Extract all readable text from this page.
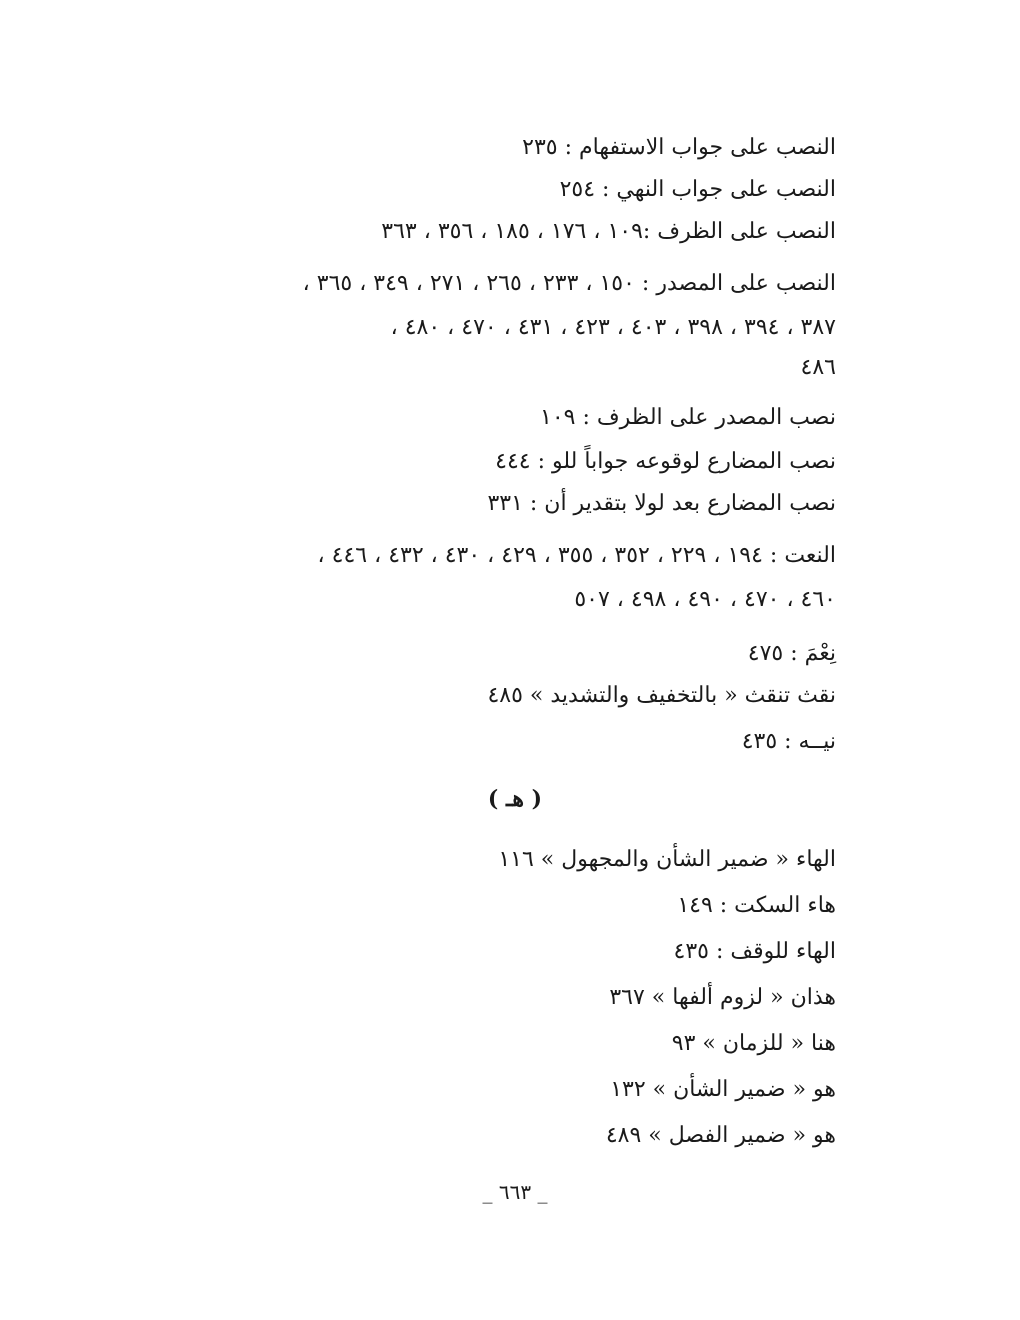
النصب على جواب الاستفهام : ٢٣٥
النصب على جواب النهي : ٢٥٤
النصب على الظرف :١٠٩ ، ١٧٦ ، ١٨٥ ، ٣٥٦ ، ٣٦٣
النصب على المصدر : ١٥٠ ، ٢٣٣ ، ٢٦٥ ، ٢٧١ ، ٣٤٩ ، ٣٦٥ ،
٣٨٧ ، ٣٩٤ ، ٣٩٨ ، ٤٠٣ ، ٤٢٣ ، ٤٣١ ، ٤٧٠ ، ٤٨٠ ،
٤٨٦
نصب المصدر على الظرف : ١٠٩
نصب المضارع لوقوعه جواباً للو : ٤٤٤
نصب المضارع بعد لولا بتقدير أن : ٣٣١
النعت : ١٩٤ ، ٢٢٩ ، ٣٥٢ ، ٣٥٥ ، ٤٢٩ ، ٤٣٠ ، ٤٣٢ ، ٤٤٦ ،
٤٦٠ ، ٤٧٠ ، ٤٩٠ ، ٤٩٨ ، ٥٠٧
نِعْمَ : ٤٧٥
نقث تنقث « بالتخفيف والتشديد » ٤٨٥
نيــه : ٤٣٥
( هـ )
الهاء « ضمير الشأن والمجهول » ١١٦
هاء السكت : ١٤٩
الهاء للوقف : ٤٣٥
هذان « لزوم ألفها » ٣٦٧
هنا « للزمان » ٩٣
هو « ضمير الشأن » ١٣٢
هو « ضمير الفصل » ٤٨٩
_ ٦٦٣ _
